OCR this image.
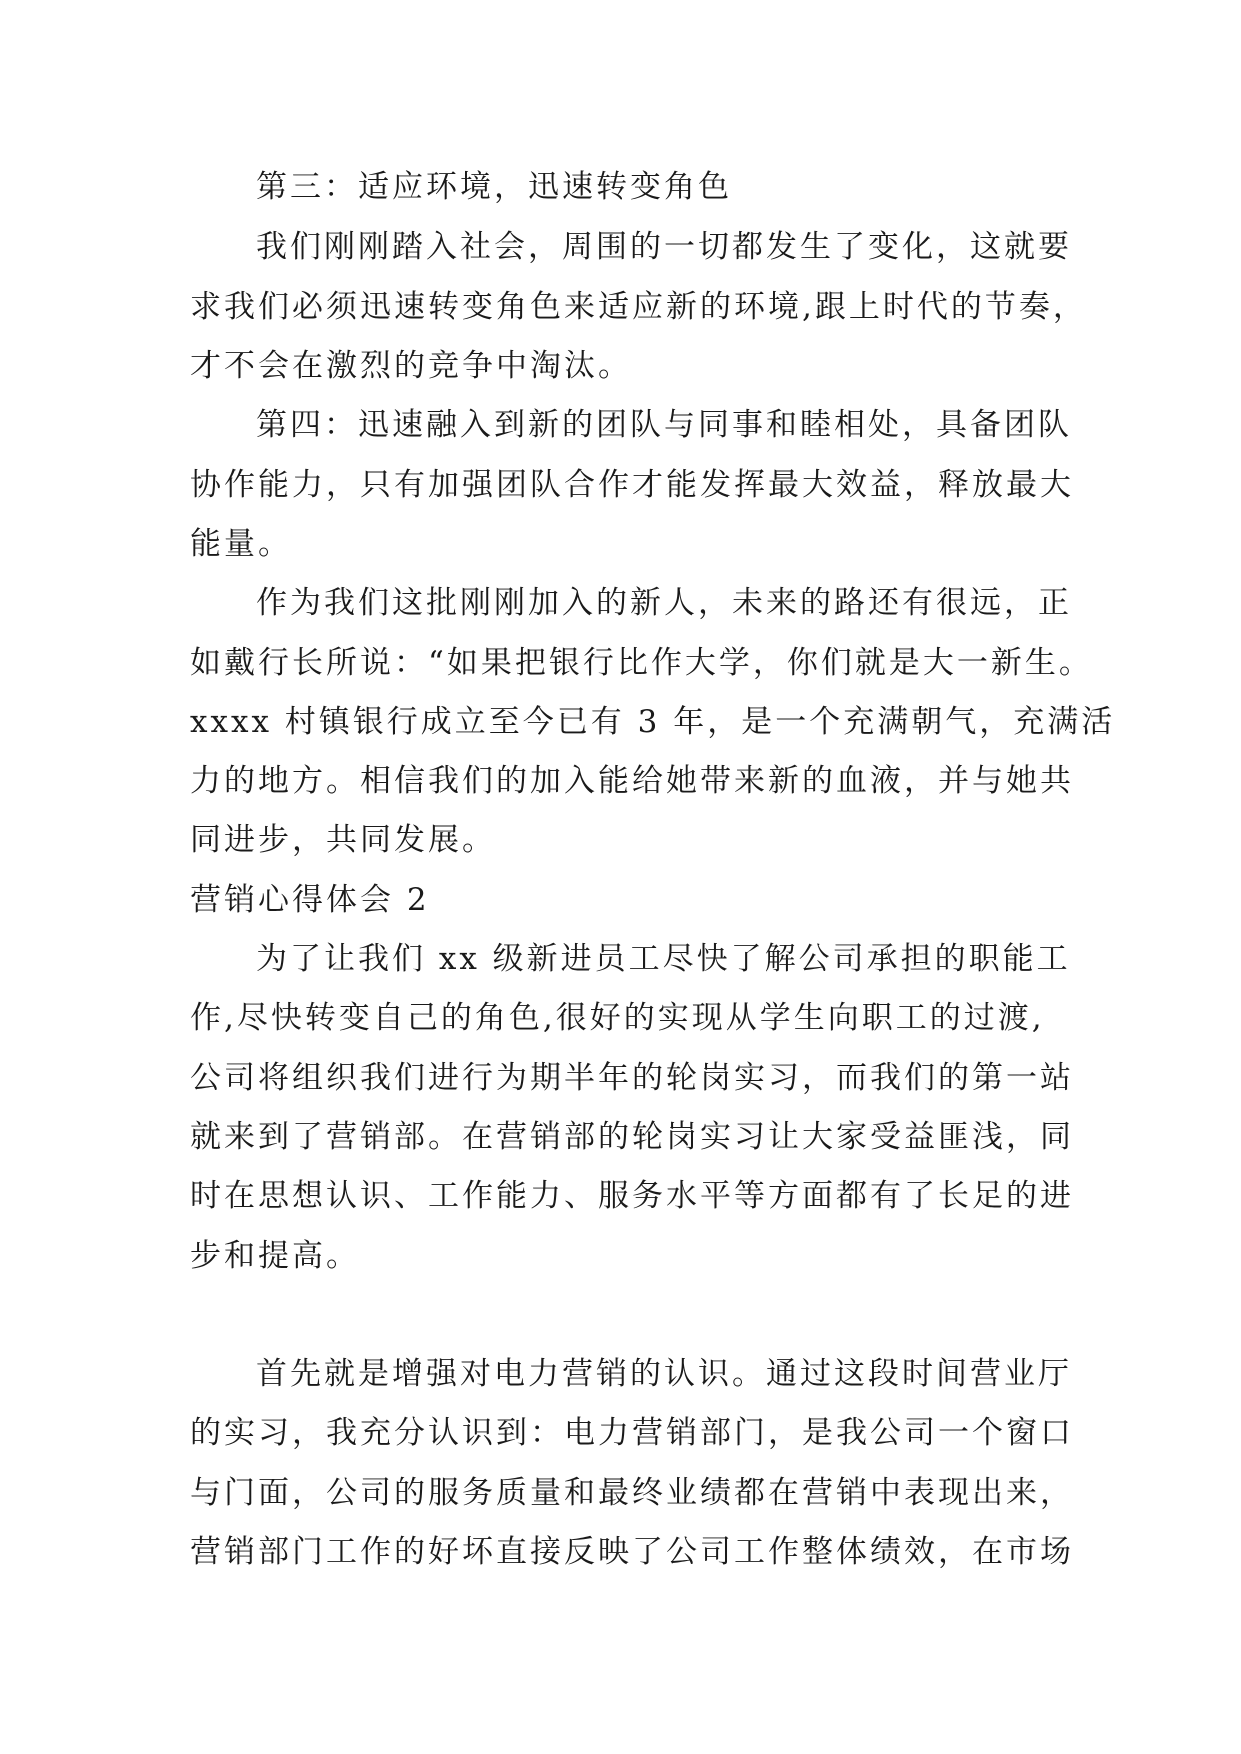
第三：适应环境，迅速转变角色
我们刚刚踏入社会，周围的一切都发生了变化，这就要
求我们必须迅速转变角色来适应新的环境,跟上时代的节奏，
才不会在激烈的竞争中淘汰。
第四：迅速融入到新的团队与同事和睦相处，具备团队
协作能力，只有加强团队合作才能发挥最大效益，释放最大
能量。
作为我们这批刚刚加入的新人，未来的路还有很远，正
如戴行长所说：“如果把银行比作大学，你们就是大一新生。
xxxx 村镇银行成立至今已有 3 年，是一个充满朝气，充满活
力的地方。相信我们的加入能给她带来新的血液，并与她共
同进步，共同发展。
营销心得体会 2
为了让我们 xx 级新进员工尽快了解公司承担的职能工
作,尽快转变自己的角色,很好的实现从学生向职工的过渡,
公司将组织我们进行为期半年的轮岗实习，而我们的第一站
就来到了营销部。在营销部的轮岗实习让大家受益匪浅，同
时在思想认识、工作能力、服务水平等方面都有了长足的进
步和提高。
首先就是增强对电力营销的认识。通过这段时间营业厅
的实习，我充分认识到：电力营销部门，是我公司一个窗口
与门面，公司的服务质量和最终业绩都在营销中表现出来，
营销部门工作的好坏直接反映了公司工作整体绩效，在市场
